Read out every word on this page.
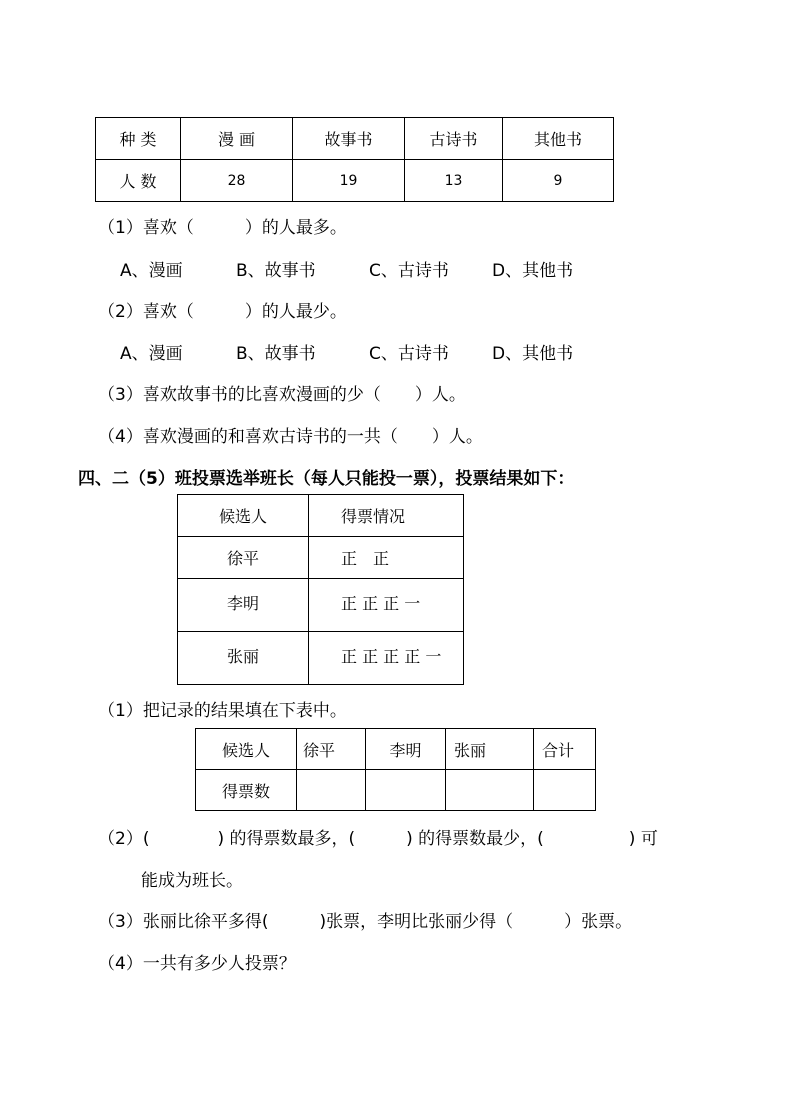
种 类	漫 画	故事书	古诗书	其他书
人 数	28	19	13	9
（1）喜欢（　　　）的人最多。
A、漫画	B、故事书	C、古诗书	D、其他书
（2）喜欢（　　　）的人最少。
A、漫画	B、故事书	C、古诗书	D、其他书
（3）喜欢故事书的比喜欢漫画的少（　　）人。
（4）喜欢漫画的和喜欢古诗书的一共（　　）人。
四、二（5）班投票选举班长（每人只能投一票），投票结果如下：
候选人	得票情况
徐平	正　正
李明	正 正 正 一
张丽	正 正 正 正 一
（1）把记录的结果填在下表中。
候选人	徐平	李明	张丽	合计
得票数				
（2）(　　　　) 的得票数最多，(　　　) 的得票数最少，(　　　　　) 可
能成为班长。
（3）张丽比徐平多得(　　　)张票，李明比张丽少得（　　　）张票。
（4）一共有多少人投票？
